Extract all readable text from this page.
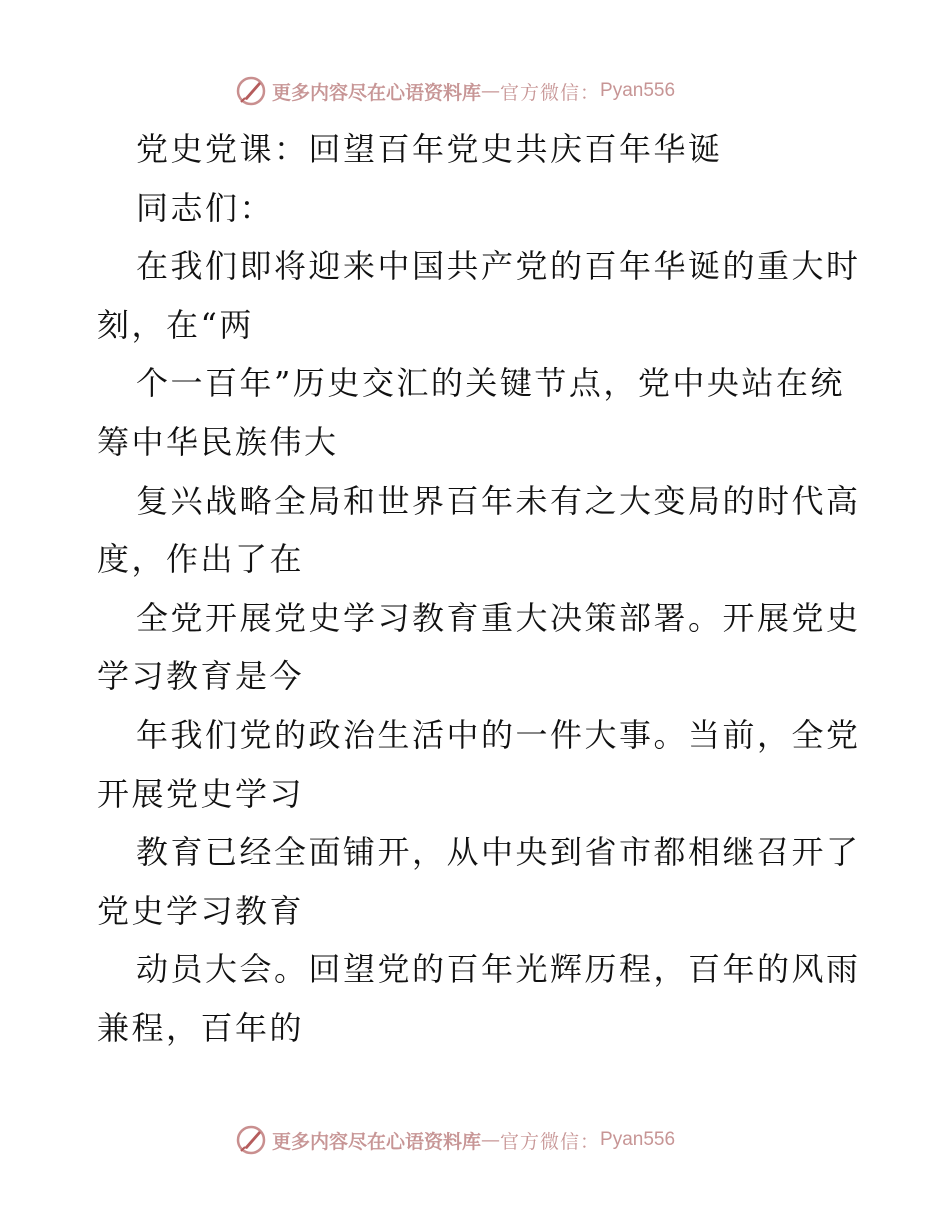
更多内容尽在心语资料库 — 官方微信： Pyan556
党史党课：回望百年党史共庆百年华诞
同志们：
在我们即将迎来中国共产党的百年华诞的重大时
刻，在“两
个一百年”历史交汇的关键节点，党中央站在统
筹中华民族伟大
复兴战略全局和世界百年未有之大变局的时代高
度，作出了在
全党开展党史学习教育重大决策部署。开展党史
学习教育是今
年我们党的政治生活中的一件大事。当前，全党
开展党史学习
教育已经全面铺开，从中央到省市都相继召开了
党史学习教育
动员大会。回望党的百年光辉历程，百年的风雨
兼程，百年的
更多内容尽在心语资料库 — 官方微信： Pyan556
